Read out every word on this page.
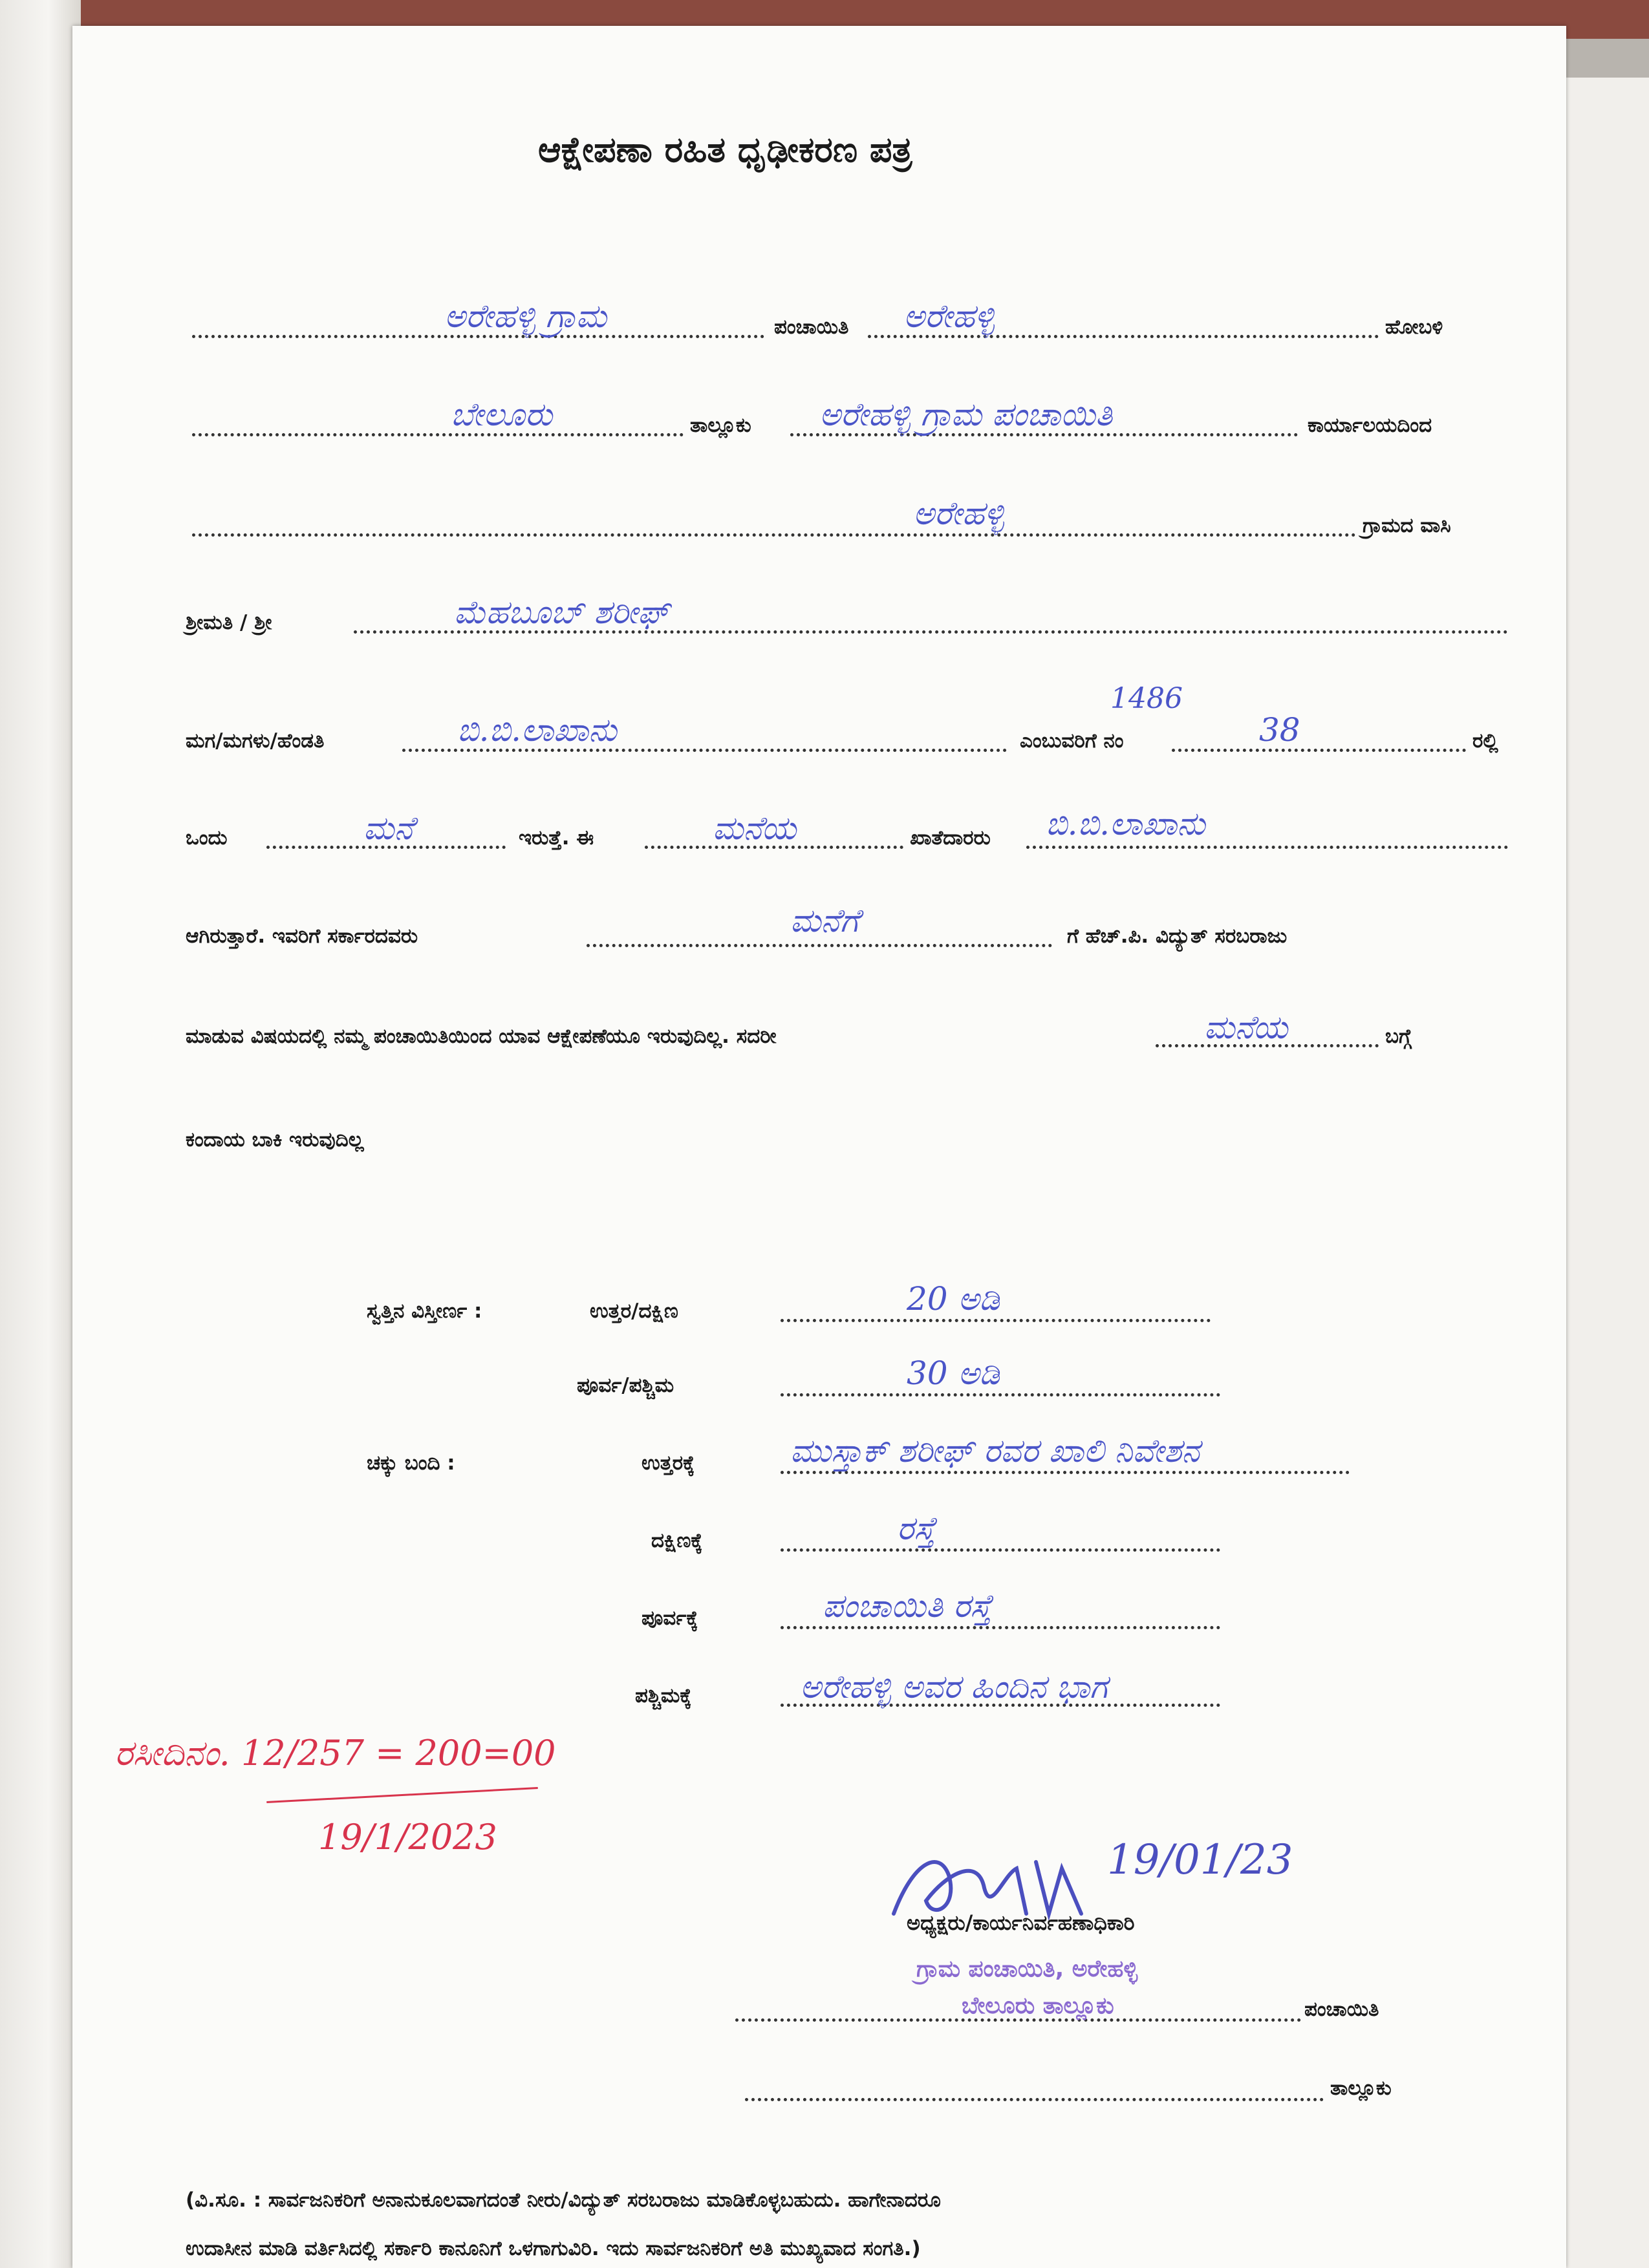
ಆಕ್ಷೇಪಣಾ ರಹಿತ ಧೃಢೀಕರಣ ಪತ್ರ
ಅರೇಹಳ್ಳಿ ಗ್ರಾಮ	ಪಂಚಾಯಿತಿ ಅರೇಹಳ್ಳಿ	ಹೋಬಳಿ
ಬೇಲೂರು	ತಾಲ್ಲೂಕು ಅರೇಹಳ್ಳಿ ಗ್ರಾಮ ಪಂಚಾಯಿತಿ	ಕಾರ್ಯಾಲಯದಿಂದ
ಅರೇಹಳ್ಳಿ	ಗ್ರಾಮದ ವಾಸಿ
ಶ್ರೀಮತಿ / ಶ್ರೀ	ಮೆಹಬೂಬ್ ಶರೀಫ್
ಮಗ/ಮಗಳು/ಹೆಂಡತಿ	ಬಿ.ಬಿ.ಲಾಖಾನು	ಎಂಬುವರಿಗೆ ನಂ
1486
38	ರಲ್ಲಿ
ಒಂದು	ಮನೆ	ಇರುತ್ತೆ. ಈ	ಮನೆಯ	ಖಾತೆದಾರರು ಬಿ.ಬಿ.ಲಾಖಾನು
ಆಗಿರುತ್ತಾರೆ. ಇವರಿಗೆ ಸರ್ಕಾರದವರು	ಮನೆಗೆ	ಗೆ ಹೆಚ್.ಪಿ. ವಿದ್ಯುತ್ ಸರಬರಾಜು
ಮಾಡುವ ವಿಷಯದಲ್ಲಿ ನಮ್ಮ ಪಂಚಾಯಿತಿಯಿಂದ ಯಾವ ಆಕ್ಷೇಪಣೆಯೂ ಇರುವುದಿಲ್ಲ. ಸದರೀ	ಮನೆಯ	ಬಗ್ಗೆ
ಕಂದಾಯ ಬಾಕಿ ಇರುವುದಿಲ್ಲ
ಸ್ವತ್ತಿನ ವಿಸ್ತೀರ್ಣ :	ಉತ್ತರ/ದಕ್ಷಿಣ	20 ಅಡಿ
ಪೂರ್ವ/ಪಶ್ಚಿಮ	30 ಅಡಿ
ಚಕ್ಕು ಬಂದಿ :	ಉತ್ತರಕ್ಕೆ	ಮುಸ್ತಾಕ್ ಶರೀಫ್ ರವರ ಖಾಲಿ ನಿವೇಶನ
ದಕ್ಷಿಣಕ್ಕೆ	ರಸ್ತೆ
ಪೂರ್ವಕ್ಕೆ	ಪಂಚಾಯಿತಿ ರಸ್ತೆ
ಪಶ್ಚಿಮಕ್ಕೆ	ಅರೇಹಳ್ಳಿ ಅವರ ಹಿಂದಿನ ಭಾಗ
ರಸೀದಿನಂ. 12/257 = 200=00
19/1/2023	19/01/23
ಅಧ್ಯಕ್ಷರು/ಕಾರ್ಯನಿರ್ವಹಣಾಧಿಕಾರಿ
ಗ್ರಾಮ ಪಂಚಾಯಿತಿ, ಅರೇಹಳ್ಳಿ
ಬೇಲೂರು ತಾಲ್ಲೂಕು	ಪಂಚಾಯಿತಿ
ತಾಲ್ಲೂಕು
(ವಿ.ಸೂ. : ಸಾರ್ವಜನಿಕರಿಗೆ ಅನಾನುಕೂಲವಾಗದಂತೆ ನೀರು/ವಿದ್ಯುತ್ ಸರಬರಾಜು ಮಾಡಿಕೊಳ್ಳಬಹುದು. ಹಾಗೇನಾದರೂ
ಉದಾಸೀನ ಮಾಡಿ ವರ್ತಿಸಿದಲ್ಲಿ ಸರ್ಕಾರಿ ಕಾನೂನಿಗೆ ಒಳಗಾಗುವಿರಿ. ಇದು ಸಾರ್ವಜನಿಕರಿಗೆ ಅತಿ ಮುಖ್ಯವಾದ ಸಂಗತಿ.)
